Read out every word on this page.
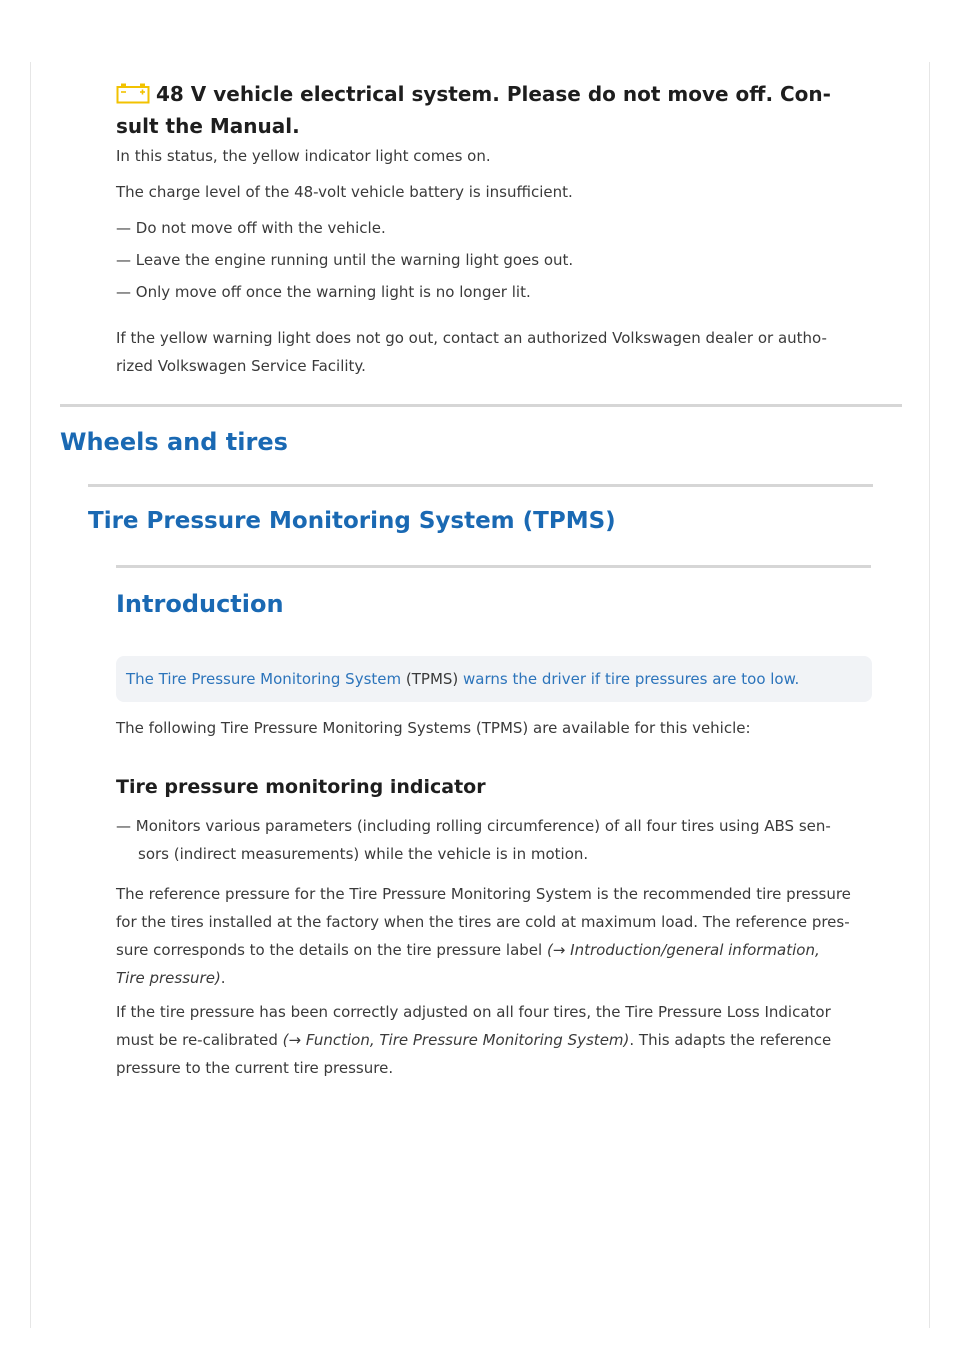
48 V vehicle electrical system. Please do not move off. Con-
sult the Manual.

In this status, the yellow indicator light comes on.

The charge level of the 48-volt vehicle battery is insufficient.

— Do not move off with the vehicle.

— Leave the engine running until the warning light goes out.

— Only move off once the warning light is no longer lit.

If the yellow warning light does not go out, contact an authorized Volkswagen dealer or autho-
rized Volkswagen Service Facility.

Wheels and tires
Tire Pressure Monitoring System (TPMS)
Introduction
The Tire Pressure Monitoring System (TPMS) warns the driver if tire pressures are too low.

The following Tire Pressure Monitoring Systems (TPMS) are available for this vehicle:

Tire pressure monitoring indicator

— Monitors various parameters (including rolling circumference) of all four tires using ABS sen-
sors (indirect measurements) while the vehicle is in motion.

The reference pressure for the Tire Pressure Monitoring System is the recommended tire pressure
for the tires installed at the factory when the tires are cold at maximum load. The reference pres-
sure corresponds to the details on the tire pressure label (→ Introduction/general information,
Tire pressure).

If the tire pressure has been correctly adjusted on all four tires, the Tire Pressure Loss Indicator
must be re-calibrated (→ Function, Tire Pressure Monitoring System). This adapts the reference
pressure to the current tire pressure.
